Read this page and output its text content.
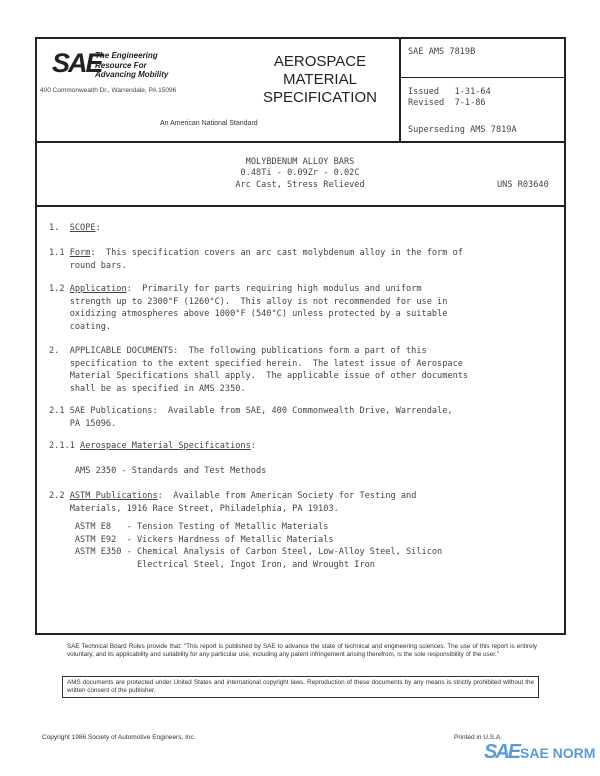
SAE
The Engineering
Resource For
Advancing Mobility
400 Commonwealth Dr., Warrendale, PA 15096
AEROSPACE
MATERIAL
SPECIFICATION
An American National Standard
SAE AMS 7819B
Issued   1-31-64
Revised  7-1-86
Superseding AMS 7819A
MOLYBDENUM ALLOY BARS
0.48Ti - 0.09Zr - 0.02C
Arc Cast, Stress Relieved	UNS R03640
1.  SCOPE:
1.1 Form:  This specification covers an arc cast molybdenum alloy in the form of
round bars.
1.2 Application:  Primarily for parts requiring high modulus and uniform
strength up to 2300°F (1260°C).  This alloy is not recommended for use in
oxidizing atmospheres above 1000°F (540°C) unless protected by a suitable
coating.
2.  APPLICABLE DOCUMENTS:  The following publications form a part of this
specification to the extent specified herein.  The latest issue of Aerospace
Material Specifications shall apply.  The applicable issue of other documents
shall be as specified in AMS 2350.
2.1 SAE Publications:  Available from SAE, 400 Commonwealth Drive, Warrendale,
PA 15096.
2.1.1 Aerospace Material Specifications:
AMS 2350 - Standards and Test Methods
2.2 ASTM Publications:  Available from American Society for Testing and
Materials, 1916 Race Street, Philadelphia, PA 19103.
ASTM E8   - Tension Testing of Metallic Materials
ASTM E92  - Vickers Hardness of Metallic Materials
ASTM E350 - Chemical Analysis of Carbon Steel, Low-Alloy Steel, Silicon
Electrical Steel, Ingot Iron, and Wrought Iron
SAE Technical Board Rules provide that: "This report is published by SAE to advance the state of technical and engineering sciences. The use of this report is entirely voluntary, and its applicability and suitability for any particular use, including any patent infringement arising therefrom, is the sole responsibility of the user."
AMS documents are protected under United States and international copyright laws. Reproduction of these documents by any means is strictly prohibited without the written consent of the publisher.
Copyright 1986 Society of Automotive Engineers, Inc.	Printed in U.S.A.
SAE SAE NORM
